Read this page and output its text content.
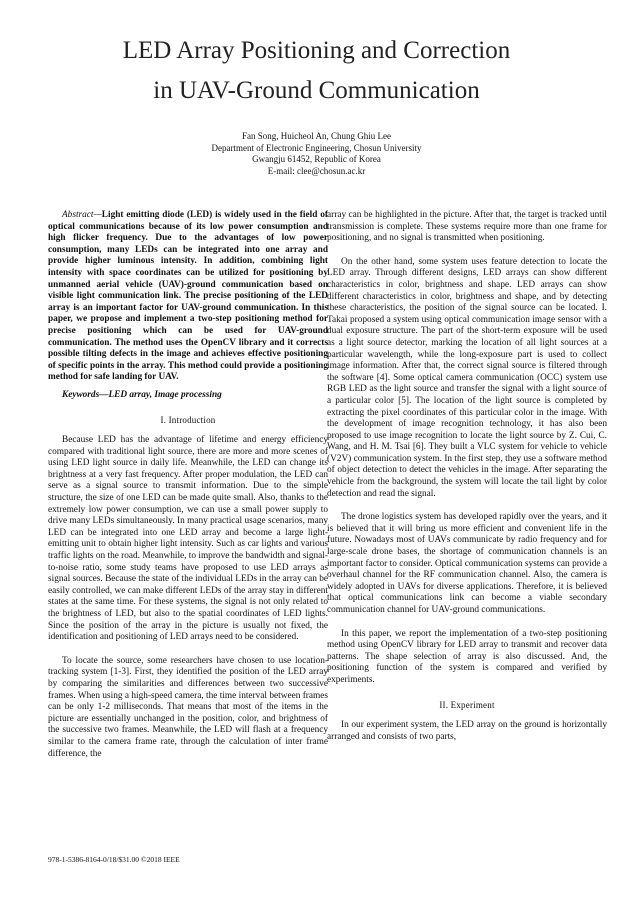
LED Array Positioning and Correction
in UAV-Ground Communication
Fan Song, Huicheol An, Chung Ghiu Lee
Department of Electronic Engineering, Chosun University
Gwangju 61452, Republic of Korea
E-mail: clee@chosun.ac.kr

Abstract—Light emitting diode (LED) is widely used in the field of optical communications because of its low power consumption and high flicker frequency. Due to the advantages of low power consumption, many LEDs can be integrated into one array and provide higher luminous intensity. In addition, combining light intensity with space coordinates can be utilized for positioning by unmanned aerial vehicle (UAV)-ground communication based on visible light communication link. The precise positioning of the LED array is an important factor for UAV-ground communication. In this paper, we propose and implement a two-step positioning method for precise positioning which can be used for UAV-ground communication. The method uses the OpenCV library and it corrects possible tilting defects in the image and achieves effective positioning of specific points in the array. This method could provide a positioning method for safe landing for UAV.

Keywords—LED array, Image processing

I. Introduction

Because LED has the advantage of lifetime and energy efficiency compared with traditional light source, there are more and more scenes of using LED light source in daily life. Meanwhile, the LED can change its brightness at a very fast frequency. After proper modulation, the LED can serve as a signal source to transmit information. Due to the simple structure, the size of one LED can be made quite small. Also, thanks to the extremely low power consumption, we can use a small power supply to drive many LEDs simultaneously. In many practical usage scenarios, many LED can be integrated into one LED array and become a large light-emitting unit to obtain higher light intensity. Such as car lights and various traffic lights on the road. Meanwhile, to improve the bandwidth and signal-to-noise ratio, some study teams have proposed to use LED arrays as signal sources. Because the state of the individual LEDs in the array can be easily controlled, we can make different LEDs of the array stay in different states at the same time. For these systems, the signal is not only related to the brightness of LED, but also to the spatial coordinates of LED lights. Since the position of the array in the picture is usually not fixed, the identification and positioning of LED arrays need to be considered.

To locate the source, some researchers have chosen to use location-tracking system [1-3]. First, they identified the position of the LED array by comparing the similarities and differences between two successive frames. When using a high-speed camera, the time interval between frames can be only 1-2 milliseconds. That means that most of the items in the picture are essentially unchanged in the position, color, and brightness of the successive two frames. Meanwhile, the LED will flash at a frequency similar to the camera frame rate, through the calculation of inter frame difference, the

array can be highlighted in the picture. After that, the target is tracked until transmission is complete. These systems require more than one frame for positioning, and no signal is transmitted when positioning.

On the other hand, some system uses feature detection to locate the LED array. Through different designs, LED arrays can show different characteristics in color, brightness and shape. LED arrays can show different characteristics in color, brightness and shape, and by detecting these characteristics, the position of the signal source can be located. I. Takai proposed a system using optical communication image sensor with a dual exposure structure. The part of the short-term exposure will be used as a light source detector, marking the location of all light sources at a particular wavelength, while the long-exposure part is used to collect image information. After that, the correct signal source is filtered through the software [4]. Some optical camera communication (OCC) system use RGB LED as the light source and transfer the signal with a light source of a particular color [5]. The location of the light source is completed by extracting the pixel coordinates of this particular color in the image. With the development of image recognition technology, it has also been proposed to use image recognition to locate the light source by Z. Cui, C. Wang, and H. M. Tsai [6]. They built a VLC system for vehicle to vehicle (V2V) communication system. In the first step, they use a software method of object detection to detect the vehicles in the image. After separating the vehicle from the background, the system will locate the tail light by color detection and read the signal.

The drone logistics system has developed rapidly over the years, and it is believed that it will bring us more efficient and convenient life in the future. Nowadays most of UAVs communicate by radio frequency and for large-scale drone bases, the shortage of communication channels is an important factor to consider. Optical communication systems can provide a overhaul channel for the RF communication channel. Also, the camera is widely adopted in UAVs for diverse applications. Therefore, it is believed that optical communications link can become a viable secondary communication channel for UAV-ground communications.

In this paper, we report the implementation of a two-step positioning method using OpenCV library for LED array to transmit and recover data patterns. The shape selection of array is also discussed. And, the positioning function of the system is compared and verified by experiments.

II. Experiment

In our experiment system, the LED array on the ground is horizontally arranged and consists of two parts,

978-1-5386-8164-0/18/$31.00 ©2018 IEEE
